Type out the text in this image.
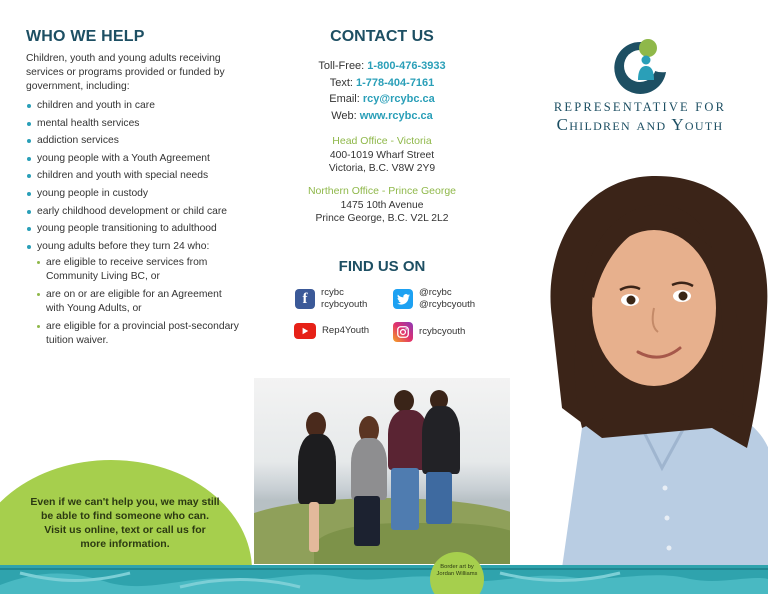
WHO WE HELP
Children, youth and young adults receiving services or programs provided or funded by government, including:
children and youth in care
mental health services
addiction services
young people with a Youth Agreement
children and youth with special needs
young people in custody
early childhood development or child care
young people transitioning to adulthood
young adults before they turn 24 who:
are eligible to receive services from Community Living BC, or
are on or are eligible for an Agreement with Young Adults, or
are eligible for a provincial post-secondary tuition waiver.
Even if we can't help you, we may still be able to find someone who can. Visit us online, text or call us for more information.
CONTACT US
Toll-Free: 1-800-476-3933
Text: 1-778-404-7161
Email: rcy@rcybc.ca
Web: www.rcybc.ca
Head Office - Victoria
400-1019 Wharf Street
Victoria, B.C. V8W 2Y9
Northern Office - Prince George
1475 10th Avenue
Prince George, B.C. V2L 2L2
FIND US ON
f	rcybc
rcybcyouth
@rcybc
@rcybcyouth
Rep4Youth	rcybcyouth
REPRESENTATIVE FOR
Children and Youth
Border art by
Jordan Williams
